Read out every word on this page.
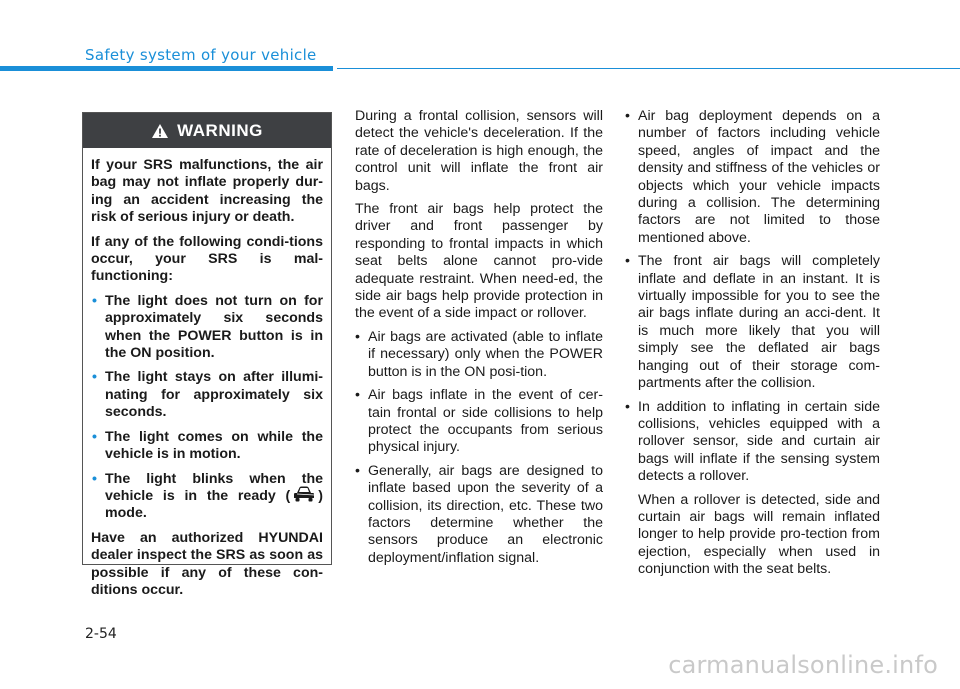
Safety system of your vehicle
WARNING

If your SRS malfunctions, the air bag may not inflate properly dur-ing an accident increasing the risk of serious injury or death.

If any of the following condi-tions occur, your SRS is mal-functioning:

• The light does not turn on for approximately six seconds when the POWER button is in the ON position.
• The light stays on after illumi-nating for approximately six seconds.
• The light comes on while the vehicle is in motion.
• The light blinks when the vehicle is in the ready ( ) mode.

Have an authorized HYUNDAI dealer inspect the SRS as soon as possible if any of these con-ditions occur.

During a frontal collision, sensors will detect the vehicle's deceleration. If the rate of deceleration is high enough, the control unit will inflate the front air bags.

The front air bags help protect the driver and front passenger by responding to frontal impacts in which seat belts alone cannot pro-vide adequate restraint. When need-ed, the side air bags help provide protection in the event of a side impact or rollover.

• Air bags are activated (able to inflate if necessary) only when the POWER button is in the ON posi-tion.
• Air bags inflate in the event of cer-tain frontal or side collisions to help protect the occupants from serious physical injury.
• Generally, air bags are designed to inflate based upon the severity of a collision, its direction, etc. These two factors determine whether the sensors produce an electronic deployment/inflation signal.
• Air bag deployment depends on a number of factors including vehicle speed, angles of impact and the density and stiffness of the vehicles or objects which your vehicle impacts during a collision. The determining factors are not limited to those mentioned above.
• The front air bags will completely inflate and deflate in an instant. It is virtually impossible for you to see the air bags inflate during an acci-dent. It is much more likely that you will simply see the deflated air bags hanging out of their storage com-partments after the collision.
• In addition to inflating in certain side collisions, vehicles equipped with a rollover sensor, side and curtain air bags will inflate if the sensing system detects a rollover.

When a rollover is detected, side and curtain air bags will remain inflated longer to help provide pro-tection from ejection, especially when used in conjunction with the seat belts.

2-54
carmanualsonline.info
